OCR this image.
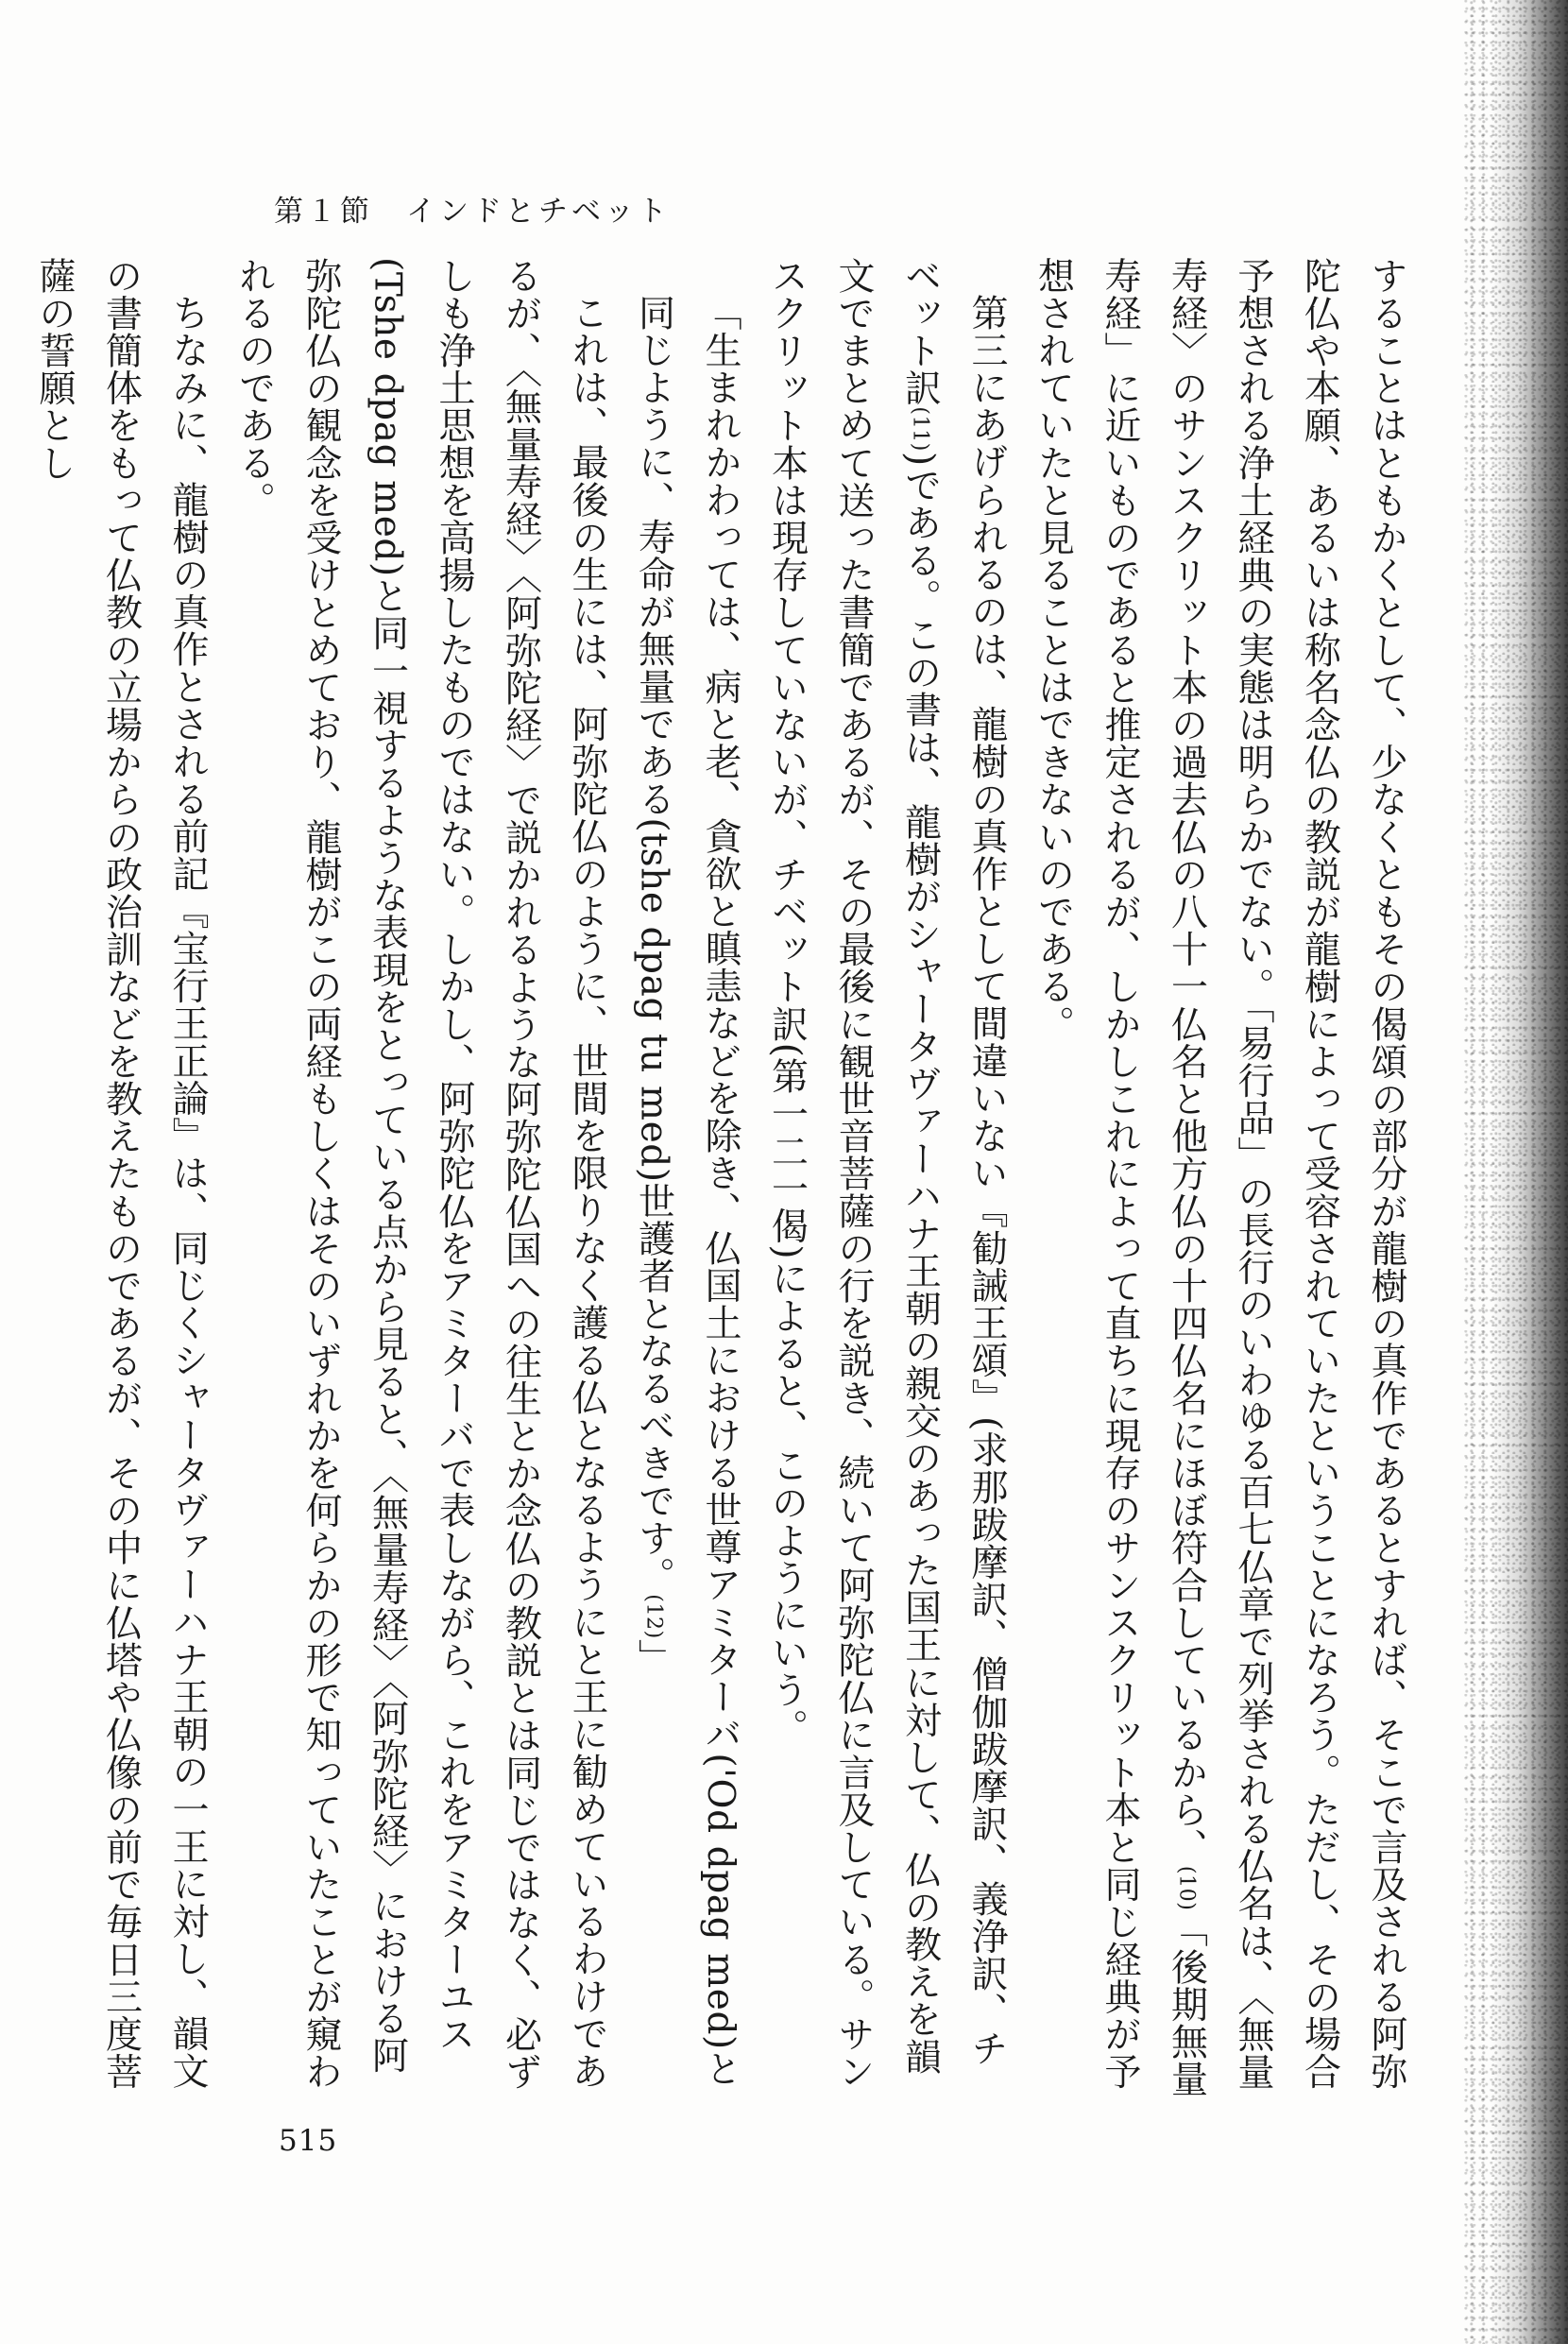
第１節　インドとチベット

することはともかくとして、少なくともその偈頌の部分が龍樹の真作であるとすれば、そこで言及される阿弥陀仏や本願、あるいは称名念仏の教説が龍樹によって受容されていたということになろう。ただし、その場合予想される浄土経典の実態は明らかでない。「易行品」の長行のいわゆる百七仏章で列挙される仏名は、〈無量寿経〉のサンスクリット本の過去仏の八十一仏名と他方仏の十四仏名にほぼ符合しているから、(10)「後期無量寿経」に近いものであると推定されるが、しかしこれによって直ちに現存のサンスクリット本と同じ経典が予想されていたと見ることはできないのである。

第三にあげられるのは、龍樹の真作として間違いない『勧誡王頌』(求那跋摩訳、僧伽跋摩訳、義浄訳、チベット訳(11))である。この書は、龍樹がシャータヴァーハナ王朝の親交のあった国王に対して、仏の教えを韻文でまとめて送った書簡であるが、その最後に観世音菩薩の行を説き、続いて阿弥陀仏に言及している。サンスクリット本は現存していないが、チベット訳(第一二一偈)によると、このようにいう。

「生まれかわっては、病と老、貪欲と瞋恚などを除き、仏国土における世尊アミターバ('Od dpag med)と同じように、寿命が無量である(tshe dpag tu med)世護者となるべきです。(12)」

これは、最後の生には、阿弥陀仏のように、世間を限りなく護る仏となるようにと王に勧めているわけであるが、〈無量寿経〉〈阿弥陀経〉で説かれるような阿弥陀仏国への往生とか念仏の教説とは同じではなく、必ずしも浄土思想を高揚したものではない。しかし、阿弥陀仏をアミターバで表しながら、これをアミターユス(Tshe dpag med)と同一視するような表現をとっている点から見ると、〈無量寿経〉〈阿弥陀経〉における阿弥陀仏の観念を受けとめており、龍樹がこの両経もしくはそのいずれかを何らかの形で知っていたことが窺われるのである。

ちなみに、龍樹の真作とされる前記『宝行王正論』は、同じくシャータヴァーハナ王朝の一王に対し、韻文の書簡体をもって仏教の立場からの政治訓などを教えたものであるが、その中に仏塔や仏像の前で毎日三度菩薩の誓願とし

515
